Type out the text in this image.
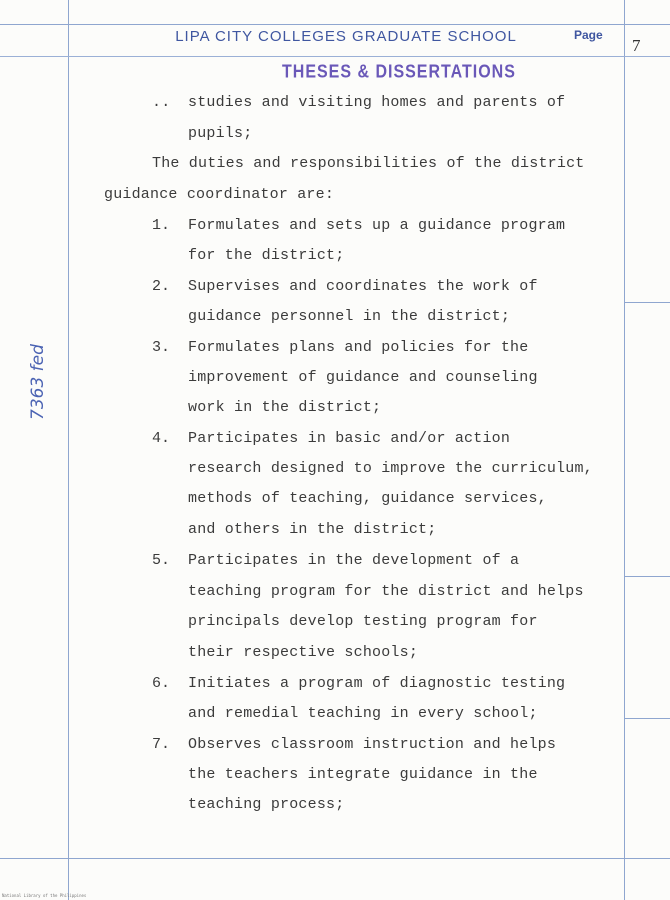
LIPA CITY COLLEGES GRADUATE SCHOOL	Page
7
THESES & DISSERTATIONS
7363 fed
.. studies and visiting homes and parents of
pupils;
The duties and responsibilities of the district
guidance coordinator are:
1. Formulates and sets up a guidance program
for the district;
2. Supervises and coordinates the work of
guidance personnel in the district;
3. Formulates plans and policies for the
improvement of guidance and counseling
work in the district;
4. Participates in basic and/or action
research designed to improve the curriculum,
methods of teaching, guidance services,
and others in the district;
5. Participates in the development of a
teaching program for the district and helps
principals develop testing program for
their respective schools;
6. Initiates a program of diagnostic testing
and remedial teaching in every school;
7. Observes classroom instruction and helps
the teachers integrate guidance in the
teaching process;
National Library of the Philippines
